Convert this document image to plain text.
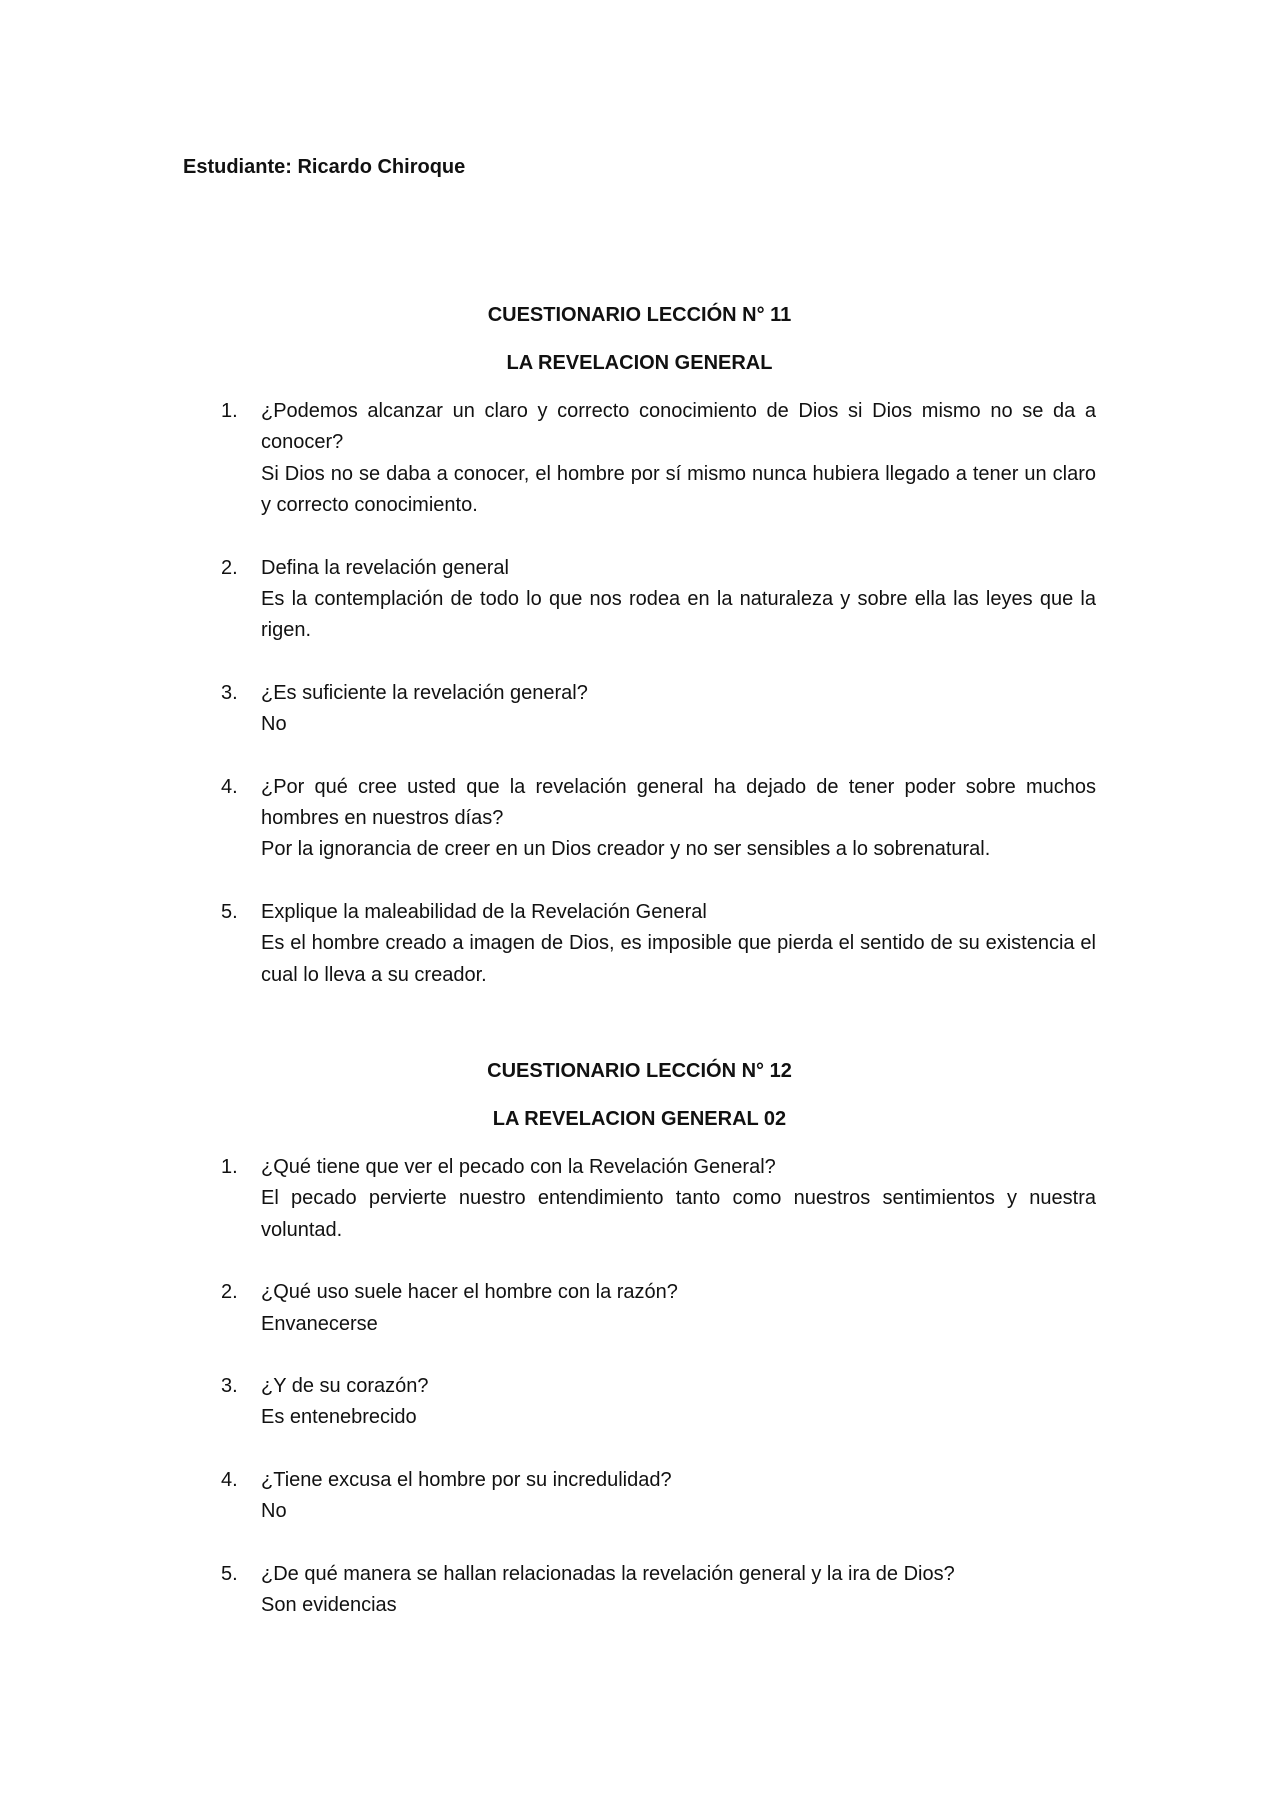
Estudiante: Ricardo Chiroque
CUESTIONARIO LECCIÓN N° 11
LA REVELACION GENERAL
1.	¿Podemos alcanzar un claro y correcto conocimiento de Dios si Dios mismo no se da a conocer?
Si Dios no se daba a conocer, el hombre por sí mismo nunca hubiera llegado a tener un claro y correcto conocimiento.
2.	Defina la revelación general
Es la contemplación de todo lo que nos rodea en la naturaleza y sobre ella las leyes que la rigen.
3.	¿Es suficiente la revelación general?
No
4.	¿Por qué cree usted que la revelación general ha dejado de tener poder sobre muchos hombres en nuestros días?
Por la ignorancia de creer en un Dios creador y no ser sensibles a lo sobrenatural.
5.	Explique la maleabilidad de la Revelación General
Es el hombre creado a imagen de Dios, es imposible que pierda el sentido de su existencia el cual lo lleva a su creador.
CUESTIONARIO LECCIÓN N° 12
LA REVELACION GENERAL 02
1.	¿Qué tiene que ver el pecado con la Revelación General?
El pecado pervierte nuestro entendimiento tanto como nuestros sentimientos y nuestra voluntad.
2.	¿Qué uso suele hacer el hombre con la razón?
Envanecerse
3.	¿Y de su corazón?
Es entenebrecido
4.	¿Tiene excusa el hombre por su incredulidad?
No
5.	¿De qué manera se hallan relacionadas la revelación general y la ira de Dios?
Son evidencias
